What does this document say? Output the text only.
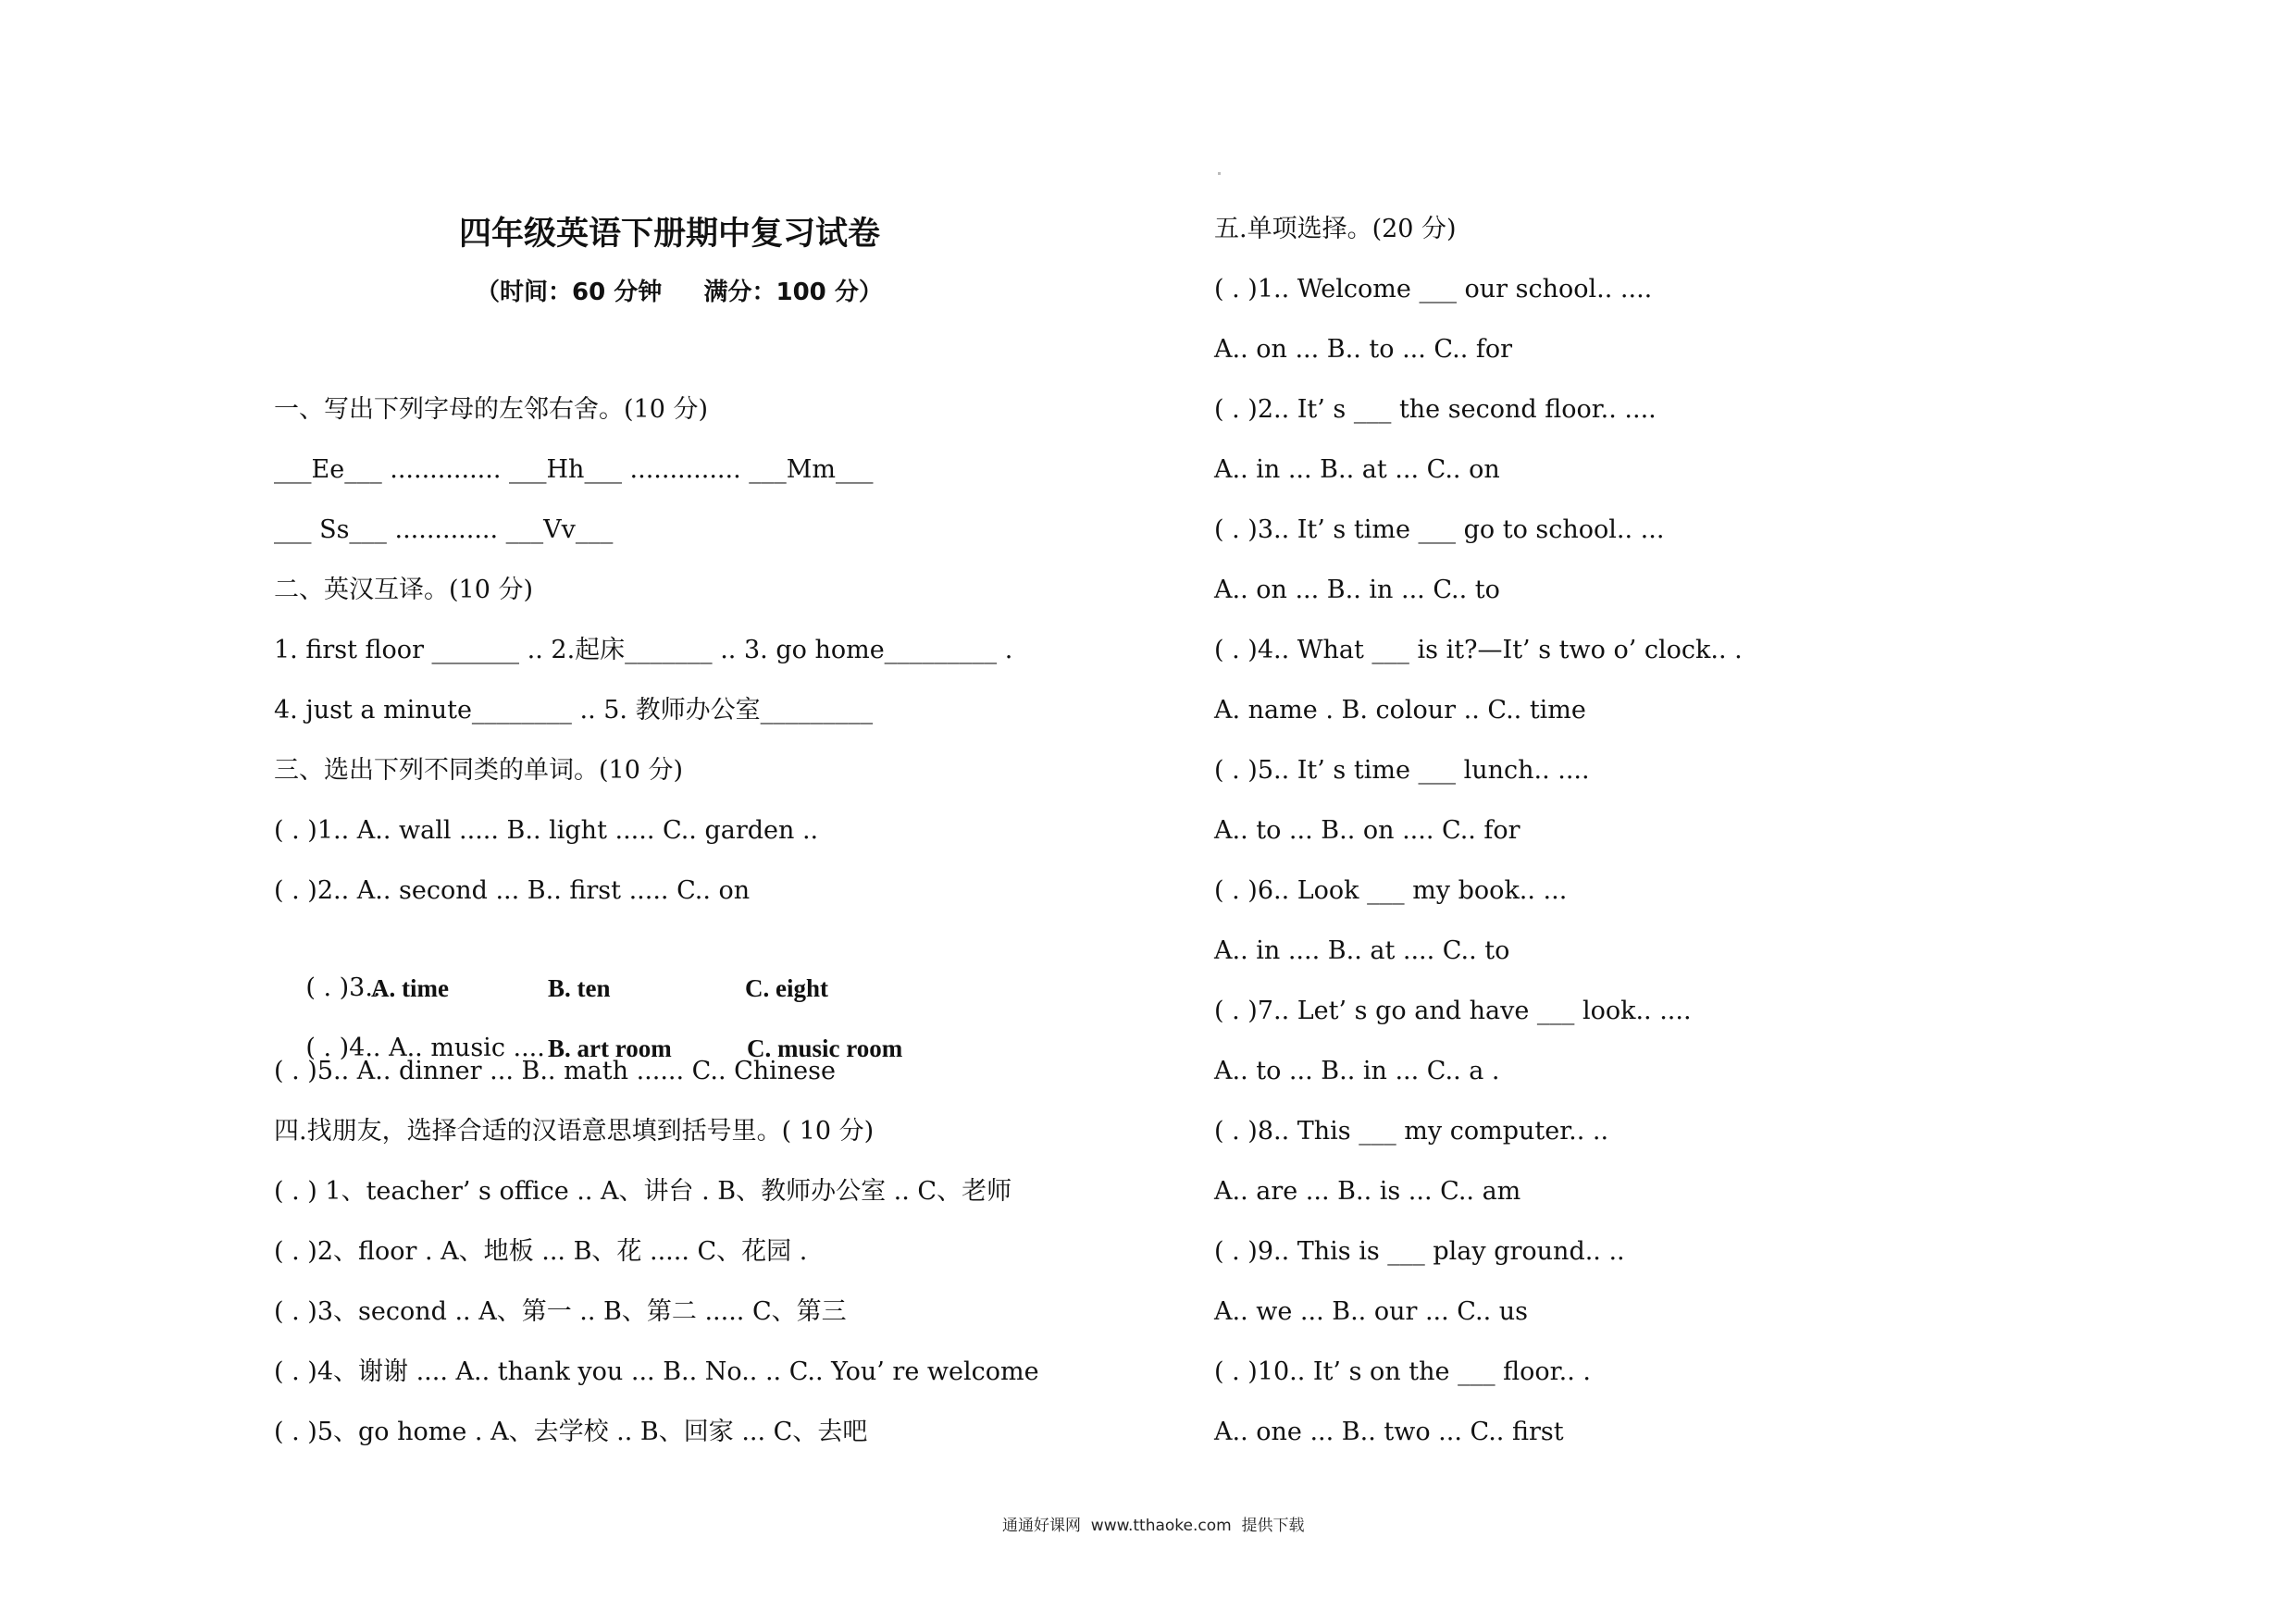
四年级英语下册期中复习试卷
（时间：60 分钟     满分：100 分）
一、写出下列字母的左邻右舍。(10 分)
___Ee___ .............. ___Hh___ .............. ___Mm___
___ Ss___ ............. ___Vv___
二、英汉互译。(10 分)
1. first floor _______ .. 2.起床_______ .. 3. go home_________ .
4. just a minute________ .. 5. 教师办公室_________
三、选出下列不同类的单词。(10 分)
( . )1.. A.. wall ..... B.. light ..... C.. garden ..
( . )2.. A.. second ... B.. first ..... C.. on

( . )3..
A. time	B. ten	C. eight

( . )4.. A.. music .... B. art room	C. music room

( . )5.. A.. dinner ... B.. math ...... C.. Chinese
四.找朋友，选择合适的汉语意思填到括号里。( 10 分)
( . ) 1、teacher’ s office .. A、讲台 . B、教师办公室 .. C、老师
( . )2、floor . A、地板 ... B、花 ..... C、花园 .
( . )3、second .. A、第一 .. B、第二 ..... C、第三
( . )4、谢谢 .... A.. thank you ... B.. No.. .. C.. You’ re welcome
( . )5、go home . A、去学校 .. B、回家 ... C、去吧
五.单项选择。(20 分)
( . )1.. Welcome ___ our school.. ....
A.. on ... B.. to ... C.. for
( . )2.. It’ s ___ the second floor.. ....
A.. in ... B.. at ... C.. on
( . )3.. It’ s time ___ go to school.. ...
A.. on ... B.. in ... C.. to
( . )4.. What ___ is it?—It’ s two o’ clock.. .
A. name . B. colour .. C.. time
( . )5.. It’ s time ___ lunch.. ....
A.. to ... B.. on .... C.. for
( . )6.. Look ___ my book.. ...
A.. in .... B.. at .... C.. to
( . )7.. Let’ s go and have ___ look.. ....
A.. to ... B.. in ... C.. a .
( . )8.. This ___ my computer.. ..
A.. are ... B.. is ... C.. am
( . )9.. This is ___ play ground.. ..
A.. we ... B.. our ... C.. us
( . )10.. It’ s on the ___ floor.. .
A.. one ... B.. two ... C.. first
通通好课网  www.tthaoke.com  提供下载
